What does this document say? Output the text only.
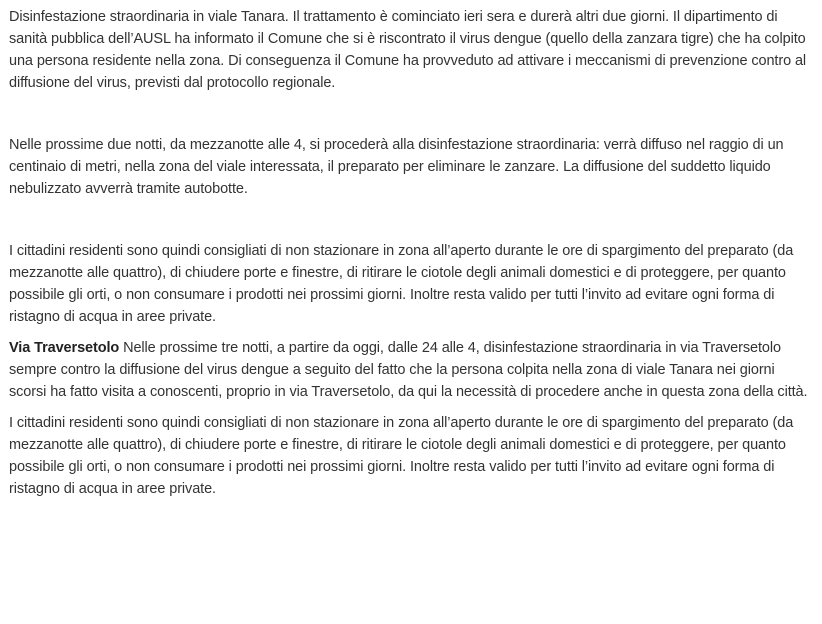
Disinfestazione straordinaria in viale Tanara. Il trattamento è cominciato ieri sera e durerà altri due giorni. Il dipartimento di sanità pubblica dell’AUSL ha informato il Comune che si è riscontrato il virus dengue (quello della zanzara tigre) che ha colpito una persona residente nella zona. Di conseguenza il Comune ha provveduto ad attivare i meccanismi di prevenzione contro al diffusione del virus, previsti dal protocollo regionale.

Nelle prossime due notti, da mezzanotte alle 4, si procederà alla disinfestazione straordinaria: verrà diffuso nel raggio di un centinaio di metri, nella zona del viale interessata, il preparato per eliminare le zanzare. La diffusione del suddetto liquido nebulizzato avverrà tramite autobotte.

I cittadini residenti sono quindi consigliati di non stazionare in zona all’aperto durante le ore di spargimento del preparato (da mezzanotte alle quattro), di chiudere porte e finestre, di ritirare le ciotole degli animali domestici e di proteggere, per quanto possibile gli orti, o non consumare i prodotti nei prossimi giorni. Inoltre resta valido per tutti l’invito ad evitare ogni forma di ristagno di acqua in aree private.

Via Traversetolo Nelle prossime tre notti, a partire da oggi, dalle 24 alle 4, disinfestazione straordinaria in via Traversetolo sempre contro la diffusione del virus dengue a seguito del fatto che la persona colpita nella zona di viale Tanara nei giorni scorsi ha fatto visita a conoscenti, proprio in via Traversetolo, da qui la necessità di procedere anche in questa zona della città.

I cittadini residenti sono quindi consigliati di non stazionare in zona all’aperto durante le ore di spargimento del preparato (da mezzanotte alle quattro), di chiudere porte e finestre, di ritirare le ciotole degli animali domestici e di proteggere, per quanto possibile gli orti, o non consumare i prodotti nei prossimi giorni. Inoltre resta valido per tutti l’invito ad evitare ogni forma di ristagno di acqua in aree private.
